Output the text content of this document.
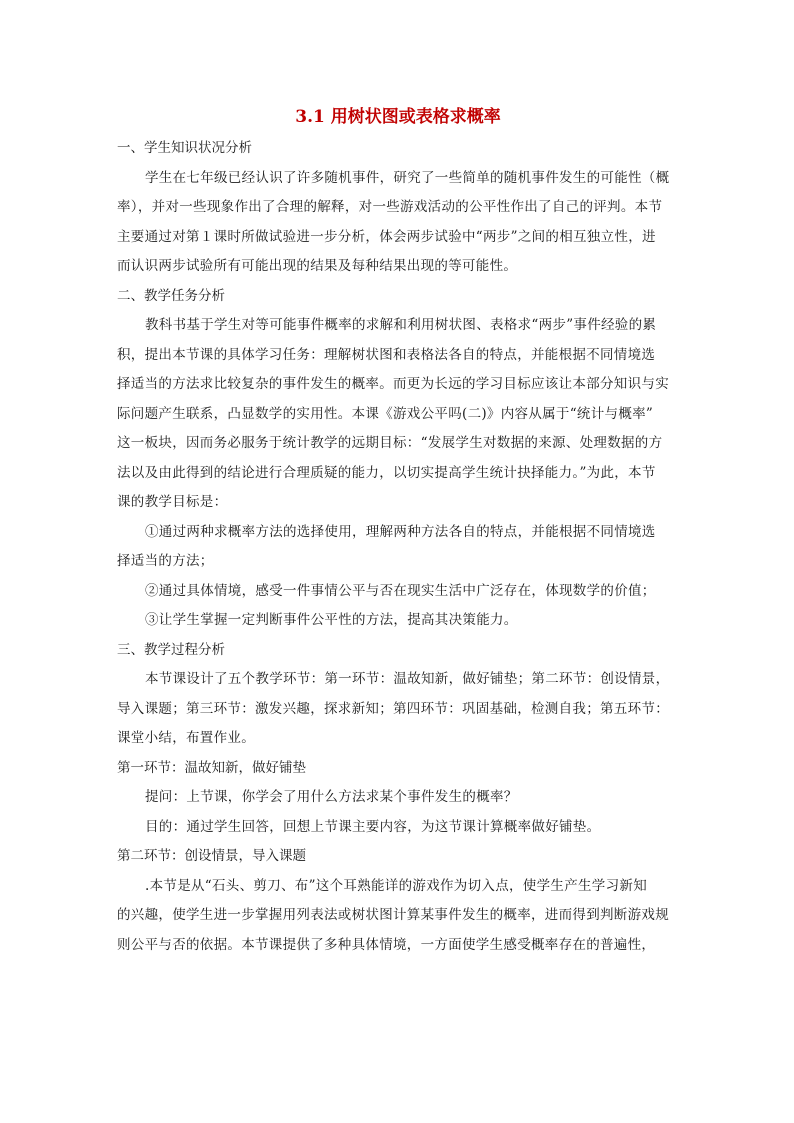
3.1 用树状图或表格求概率

一、学生知识状况分析

学生在七年级已经认识了许多随机事件，研究了一些简单的随机事件发生的可能性（概

率），并对一些现象作出了合理的解释，对一些游戏活动的公平性作出了自己的评判。本节

主要通过对第１课时所做试验进一步分析，体会两步试验中“两步”之间的相互独立性，进

而认识两步试验所有可能出现的结果及每种结果出现的等可能性。

二、教学任务分析

教科书基于学生对等可能事件概率的求解和利用树状图、表格求“两步”事件经验的累

积，提出本节课的具体学习任务：理解树状图和表格法各自的特点，并能根据不同情境选

择适当的方法求比较复杂的事件发生的概率。而更为长远的学习目标应该让本部分知识与实

际问题产生联系，凸显数学的实用性。本课《游戏公平吗(二)》内容从属于“统计与概率”

这一板块，因而务必服务于统计教学的远期目标：“发展学生对数据的来源、处理数据的方

法以及由此得到的结论进行合理质疑的能力，以切实提高学生统计抉择能力。”为此，本节

课的教学目标是：

①通过两种求概率方法的选择使用，理解两种方法各自的特点，并能根据不同情境选

择适当的方法；

②通过具体情境，感受一件事情公平与否在现实生活中广泛存在，体现数学的价值；

③让学生掌握一定判断事件公平性的方法，提高其决策能力。

三、教学过程分析

本节课设计了五个教学环节：第一环节：温故知新，做好铺垫；第二环节：创设情景，

导入课题；第三环节：激发兴趣，探求新知；第四环节：巩固基础，检测自我；第五环节：

课堂小结，布置作业。

第一环节：温故知新，做好铺垫

提问：上节课，你学会了用什么方法求某个事件发生的概率？

目的：通过学生回答，回想上节课主要内容，为这节课计算概率做好铺垫。

第二环节：创设情景，导入课题

.本节是从“石头、剪刀、布”这个耳熟能详的游戏作为切入点，使学生产生学习新知

的兴趣，使学生进一步掌握用列表法或树状图计算某事件发生的概率，进而得到判断游戏规

则公平与否的依据。本节课提供了多种具体情境，一方面使学生感受概率存在的普遍性，
